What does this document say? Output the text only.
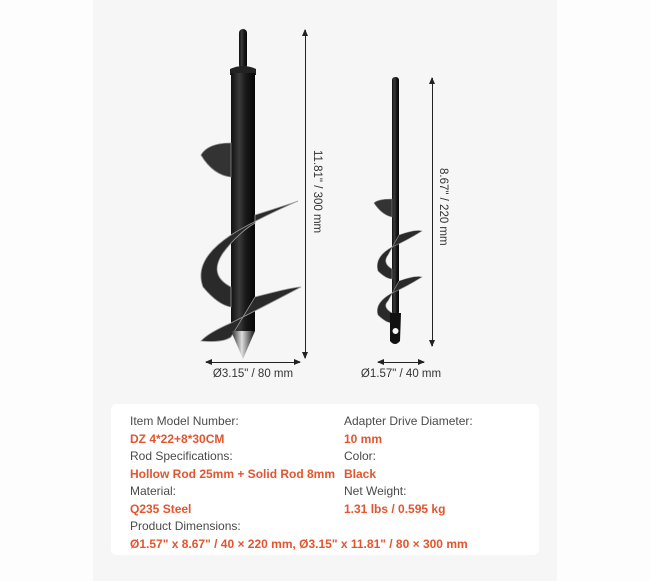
11.81" / 300 mm
Ø3.15" / 80 mm
8.67" / 220 mm
Ø1.57" / 40 mm
Item Model Number:
DZ 4*22+8*30CM
Rod Specifications:
Hollow Rod 25mm + Solid Rod 8mm
Material:
Q235 Steel
Adapter Drive Diameter:
10 mm
Color:
Black
Net Weight:
1.31 lbs / 0.595 kg
Product Dimensions:
Ø1.57" x 8.67" / 40 × 220 mm, Ø3.15" x 11.81" / 80 × 300 mm
